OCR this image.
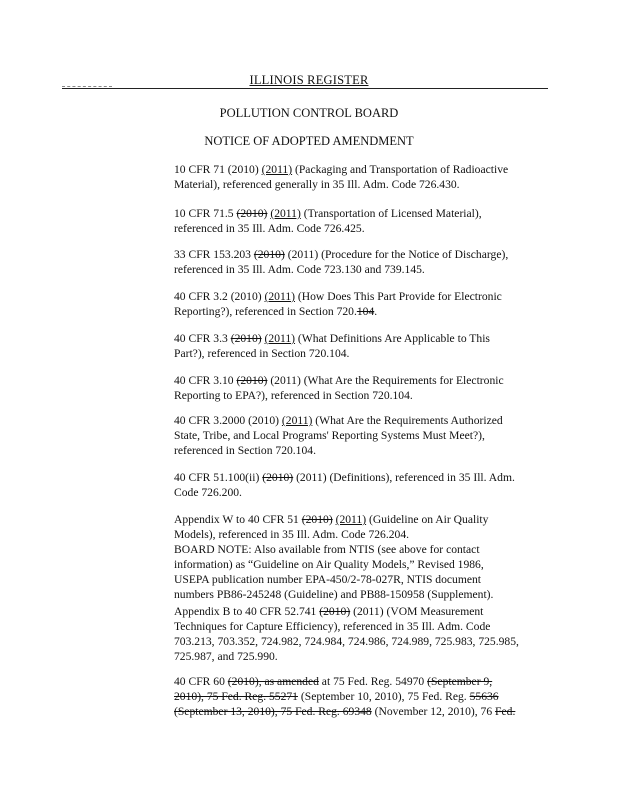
ILLINOIS REGISTER
POLLUTION CONTROL BOARD
NOTICE OF ADOPTED AMENDMENT

10 CFR 71 (2010) (2011) (Packaging and Transportation of Radioactive

Material), referenced generally in 35 Ill. Adm. Code 726.430.

10 CFR 71.5 (2010) (2011) (Transportation of Licensed Material),

referenced in 35 Ill. Adm. Code 726.425.

33 CFR 153.203 (2010) (2011) (Procedure for the Notice of Discharge),

referenced in 35 Ill. Adm. Code 723.130 and 739.145.

40 CFR 3.2 (2010) (2011) (How Does This Part Provide for Electronic

Reporting?), referenced in Section 720.104.

40 CFR 3.3 (2010) (2011) (What Definitions Are Applicable to This

Part?), referenced in Section 720.104.

40 CFR 3.10 (2010) (2011) (What Are the Requirements for Electronic

Reporting to EPA?), referenced in Section 720.104.

40 CFR 3.2000 (2010) (2011) (What Are the Requirements Authorized

State, Tribe, and Local Programs' Reporting Systems Must Meet?),

referenced in Section 720.104.

40 CFR 51.100(ii) (2010) (2011) (Definitions), referenced in 35 Ill. Adm.

Code 726.200.

Appendix W to 40 CFR 51 (2010) (2011) (Guideline on Air Quality

Models), referenced in 35 Ill. Adm. Code 726.204.

BOARD NOTE: Also available from NTIS (see above for contact

information) as “Guideline on Air Quality Models,” Revised 1986,

USEPA publication number EPA-450/2-78-027R, NTIS document

numbers PB86-245248 (Guideline) and PB88-150958 (Supplement).

Appendix B to 40 CFR 52.741 (2010) (2011) (VOM Measurement

Techniques for Capture Efficiency), referenced in 35 Ill. Adm. Code

703.213, 703.352, 724.982, 724.984, 724.986, 724.989, 725.983, 725.985,

725.987, and 725.990.

40 CFR 60 (2010), as amended at 75 Fed. Reg. 54970 (September 9,

2010), 75 Fed. Reg. 55271 (September 10, 2010), 75 Fed. Reg. 55636

(September 13, 2010), 75 Fed. Reg. 69348 (November 12, 2010), 76 Fed.
